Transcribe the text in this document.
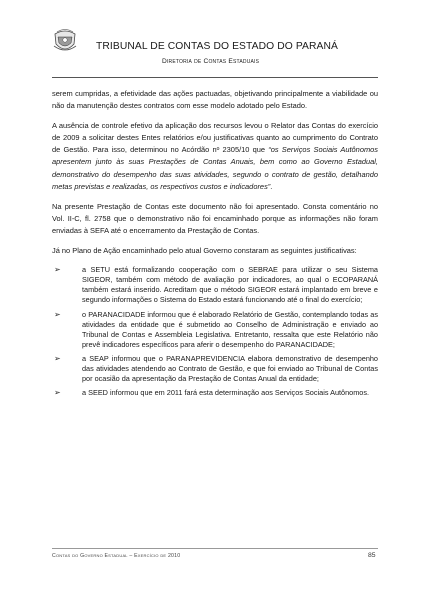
TRIBUNAL DE CONTAS DO ESTADO DO PARANÁ
Diretoria de Contas Estaduais

serem cumpridas, a efetividade das ações pactuadas, objetivando principalmente a viabilidade ou não da manutenção destes contratos com esse modelo adotado pelo Estado.

A ausência de controle efetivo da aplicação dos recursos levou o Relator das Contas do exercício de 2009 a solicitar destes Entes relatórios e/ou justificativas quanto ao cumprimento do Contrato de Gestão. Para isso, determinou no Acórdão nº 2305/10 que “os Serviços Sociais Autônomos apresentem junto às suas Prestações de Contas Anuais, bem como ao Governo Estadual, demonstrativo do desempenho das suas atividades, segundo o contrato de gestão, detalhando metas previstas e realizadas, os respectivos custos e indicadores”.

Na presente Prestação de Contas este documento não foi apresentado. Consta comentário no Vol. II-C, fl. 2758 que o demonstrativo não foi encaminhado porque as informações não foram enviadas à SEFA até o encerramento da Prestação de Contas.

Já no Plano de Ação encaminhado pelo atual Governo constaram as seguintes justificativas:

➢	a SETU está formalizando cooperação com o SEBRAE para utilizar o seu Sistema SIGEOR, também com método de avaliação por indicadores, ao qual o ECOPARANÁ também estará inserido. Acreditam que o método SIGEOR estará implantado em breve e segundo informações o Sistema do Estado estará funcionando até o final do exercício;
➢	o PARANACIDADE informou que é elaborado Relatório de Gestão, contemplando todas as atividades da entidade que é submetido ao Conselho de Administração e enviado ao Tribunal de Contas e Assembleia Legislativa. Entretanto, ressalta que este Relatório não prevê indicadores específicos para aferir o desempenho do PARANACIDADE;
➢	a SEAP informou que o PARANAPREVIDENCIA elabora demonstrativo de desempenho das atividades atendendo ao Contrato de Gestão, e que foi enviado ao Tribunal de Contas por ocasião da apresentação da Prestação de Contas Anual da entidade;
➢	a SEED informou que em 2011 fará esta determinação aos Serviços Sociais Autônomos.
Contas do Governo Estadual – Exercício de 2010	85
